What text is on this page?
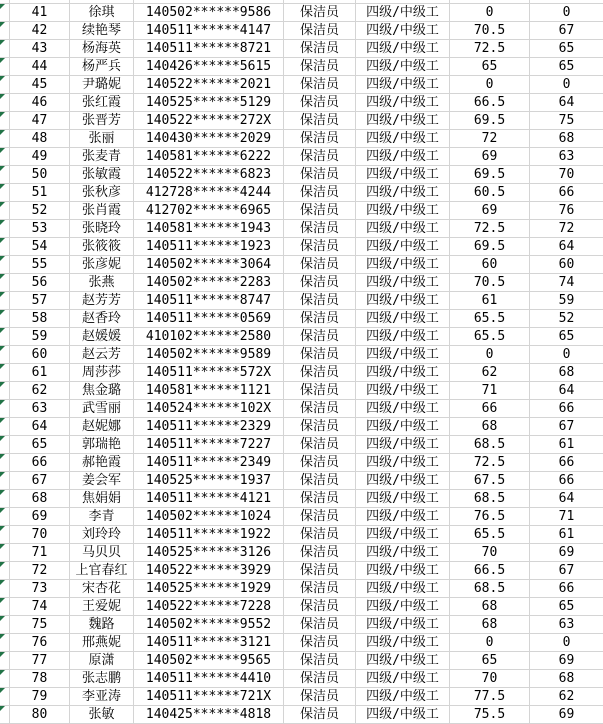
41	徐琪	140502******9586	保洁员	四级/中级工	0	0
42	续艳琴	140511******4147	保洁员	四级/中级工	70.5	67
43	杨海英	140511******8721	保洁员	四级/中级工	72.5	65
44	杨严兵	140426******5615	保洁员	四级/中级工	65	65
45	尹璐妮	140522******2021	保洁员	四级/中级工	0	0
46	张红霞	140525******5129	保洁员	四级/中级工	66.5	64
47	张晋芳	140522******272X	保洁员	四级/中级工	69.5	75
48	张丽	140430******2029	保洁员	四级/中级工	72	68
49	张麦青	140581******6222	保洁员	四级/中级工	69	63
50	张敏霞	140522******6823	保洁员	四级/中级工	69.5	70
51	张秋彦	412728******4244	保洁员	四级/中级工	60.5	66
52	张肖霞	412702******6965	保洁员	四级/中级工	69	76
53	张晓玲	140581******1943	保洁员	四级/中级工	72.5	72
54	张筱筱	140511******1923	保洁员	四级/中级工	69.5	64
55	张彦妮	140502******3064	保洁员	四级/中级工	60	60
56	张燕	140502******2283	保洁员	四级/中级工	70.5	74
57	赵芳芳	140511******8747	保洁员	四级/中级工	61	59
58	赵香玲	140511******0569	保洁员	四级/中级工	65.5	52
59	赵媛媛	410102******2580	保洁员	四级/中级工	65.5	65
60	赵云芳	140502******9589	保洁员	四级/中级工	0	0
61	周莎莎	140511******572X	保洁员	四级/中级工	62	68
62	焦金璐	140581******1121	保洁员	四级/中级工	71	64
63	武雪丽	140524******102X	保洁员	四级/中级工	66	66
64	赵妮娜	140511******2329	保洁员	四级/中级工	68	67
65	郭瑞艳	140511******7227	保洁员	四级/中级工	68.5	61
66	郝艳霞	140511******2349	保洁员	四级/中级工	72.5	66
67	姜会军	140525******1937	保洁员	四级/中级工	67.5	66
68	焦娟娟	140511******4121	保洁员	四级/中级工	68.5	64
69	李青	140502******1024	保洁员	四级/中级工	76.5	71
70	刘玲玲	140511******1922	保洁员	四级/中级工	65.5	61
71	马贝贝	140525******3126	保洁员	四级/中级工	70	69
72	上官春红	140522******3929	保洁员	四级/中级工	66.5	67
73	宋杏花	140525******1929	保洁员	四级/中级工	68.5	66
74	王爱妮	140522******7228	保洁员	四级/中级工	68	65
75	魏路	140502******9552	保洁员	四级/中级工	68	63
76	邢燕妮	140511******3121	保洁员	四级/中级工	0	0
77	原潇	140502******9565	保洁员	四级/中级工	65	69
78	张志鹏	140511******4410	保洁员	四级/中级工	70	68
79	李亚涛	140511******721X	保洁员	四级/中级工	77.5	62
80	张敏	140425******4818	保洁员	四级/中级工	75.5	69
